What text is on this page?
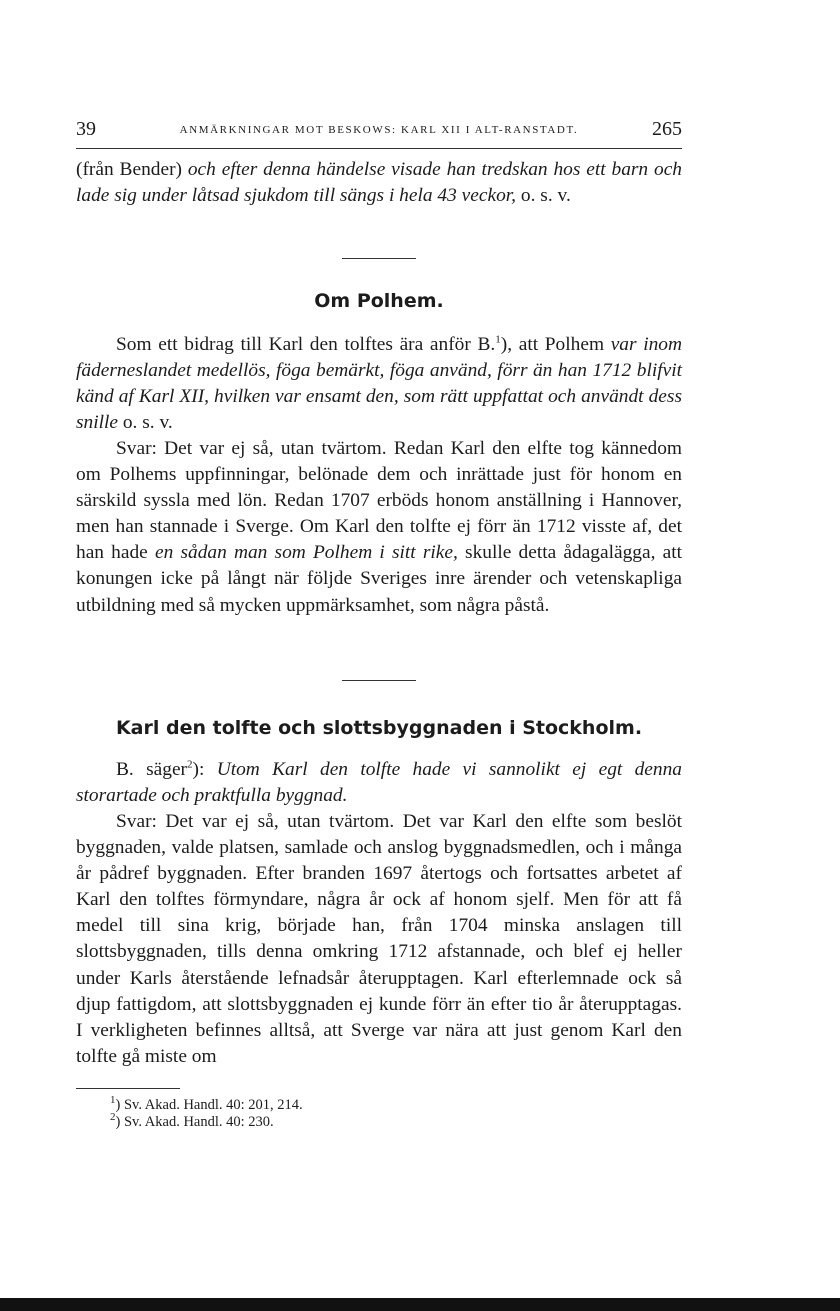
39	ANMÄRKNINGAR MOT BESKOWS: KARL XII I ALT-RANSTADT.	265
(från Bender) och efter denna händelse visade han tredskan hos ett barn och lade sig under låtsad sjukdom till sängs i hela 43 veckor, o. s. v.
Om Polhem.
Som ett bidrag till Karl den tolftes ära anför B.$^1$), att Polhem var inom fäderneslandet medellös, föga bemärkt, föga använd, förr än han 1712 blifvit känd af Karl XII, hvilken var ensamt den, som rätt uppfattat och användt dess snille o. s. v.
Svar: Det var ej så, utan tvärtom. Redan Karl den elfte tog kännedom om Polhems uppfinningar, belönade dem och inrättade just för honom en särskild syssla med lön. Redan 1707 erböds honom anställning i Hannover, men han stannade i Sverge. Om Karl den tolfte ej förr än 1712 visste af, det han hade en sådan man som Polhem i sitt rike, skulle detta ådagalägga, att konungen icke på långt när följde Sveriges inre ärender och vetenskapliga utbildning med så mycken uppmärksamhet, som några påstå.
Karl den tolfte och slottsbyggnaden i Stockholm.
B. säger$^2$): Utom Karl den tolfte hade vi sannolikt ej egt denna storartade och praktfulla byggnad.
Svar: Det var ej så, utan tvärtom. Det var Karl den elfte som beslöt byggnaden, valde platsen, samlade och anslog byggnadsmedlen, och i många år pådref byggnaden. Efter branden 1697 återtogs och fortsattes arbetet af Karl den tolftes förmyndare, några år ock af honom sjelf. Men för att få medel till sina krig, började han, från 1704 minska anslagen till slottsbyggnaden, tills denna omkring 1712 afstannade, och blef ej heller under Karls återstående lefnadsår återupptagen. Karl efterlemnade ock så djup fattigdom, att slottsbyggnaden ej kunde förr än efter tio år återupptagas. I verkligheten befinnes alltså, att Sverge var nära att just genom Karl den tolfte gå miste om
$^1$) Sv. Akad. Handl. 40: 201, 214.
$^2$) Sv. Akad. Handl. 40: 230.
